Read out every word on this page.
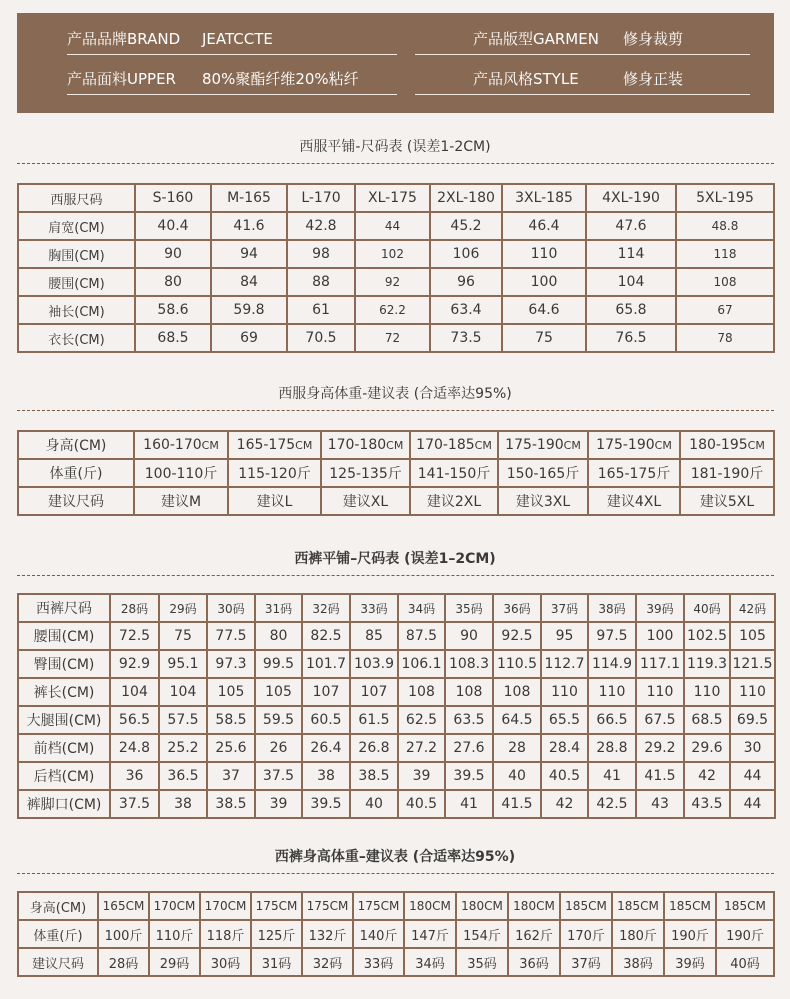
产品品牌BRAND JEATCCTE
产品面料UPPER 80%聚酯纤维20%粘纤
产品版型GARMEN 修身裁剪
产品风格STYLE	修身正装
西服平铺-尺码表 (误差1-2CM)
西服尺码	S-160	M-165	L-170	XL-175	2XL-180	3XL-185	4XL-190	5XL-195
肩宽(CM)	40.4	41.6	42.8	44	45.2	46.4	47.6	48.8
胸围(CM)	90	94	98	102	106	110	114	118
腰围(CM)	80	84	88	92	96	100	104	108
袖长(CM)	58.6	59.8	61	62.2	63.4	64.6	65.8	67
衣长(CM)	68.5	69	70.5	72	73.5	75	76.5	78
西服身高体重-建议表 (合适率达95%)
身高(CM)	160-170CM	165-175CM	170-180CM	170-185CM	175-190CM	175-190CM	180-195CM
体重(斤)	100-110斤	115-120斤	125-135斤	141-150斤	150-165斤	165-175斤	181-190斤
建议尺码	建议M	建议L	建议XL	建议2XL	建议3XL	建议4XL	建议5XL
西裤平铺–尺码表 (误差1–2CM)
西裤尺码	28码	29码	30码	31码	32码	33码	34码	35码	36码	37码	38码	39码	40码	42码
腰围(CM)	72.5	75	77.5	80	82.5	85	87.5	90	92.5	95	97.5	100	102.5	105
臀围(CM)	92.9	95.1	97.3	99.5	101.7	103.9	106.1	108.3	110.5	112.7	114.9	117.1	119.3	121.5
裤长(CM)	104	104	105	105	107	107	108	108	108	110	110	110	110	110
大腿围(CM)	56.5	57.5	58.5	59.5	60.5	61.5	62.5	63.5	64.5	65.5	66.5	67.5	68.5	69.5
前档(CM)	24.8	25.2	25.6	26	26.4	26.8	27.2	27.6	28	28.4	28.8	29.2	29.6	30
后档(CM)	36	36.5	37	37.5	38	38.5	39	39.5	40	40.5	41	41.5	42	44
裤脚口(CM)	37.5	38	38.5	39	39.5	40	40.5	41	41.5	42	42.5	43	43.5	44
西裤身高体重–建议表 (合适率达95%)
身高(CM)	165CM	170CM	170CM	175CM	175CM	175CM	180CM	180CM	180CM	185CM	185CM	185CM	185CM
体重(斤)	100斤	110斤	118斤	125斤	132斤	140斤	147斤	154斤	162斤	170斤	180斤	190斤	190斤
建议尺码	28码	29码	30码	31码	32码	33码	34码	35码	36码	37码	38码	39码	40码
